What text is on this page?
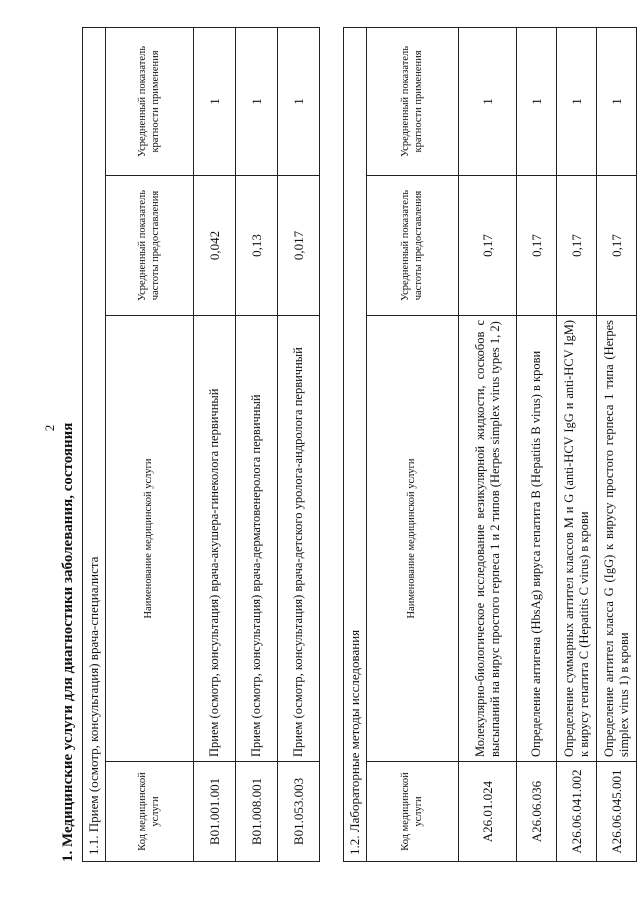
2 1. Медицинские услуги для диагностики заболевания, состояния 1.1. Прием (осмотр, консультация) врача-специалиста			
Код медицинской услуги	Наименование медицинской услуги	Усредненный показатель частоты предоставления	Усредненный показатель кратности применения
B01.001.001	Прием (осмотр, консультация) врача-акушера-гинеколога первичный	0,042	1
B01.008.001	Прием (осмотр, консультация) врача-дерматовенеролога первичный	0,13	1
B01.053.003	Прием (осмотр, консультация) врача-детского уролога-андролога первичный	0,017	1
1.2. Лабораторные методы исследования			
Код медицинской услуги	Наименование медицинской услуги	Усредненный показатель частоты предоставления	Усредненный показатель кратности применения
A26.01.024	Молекулярно-биологическое исследование везикулярной жидкости, соскобов с высыпаний на вирус простого герпеса 1 и 2 типов (Herpes simplex virus types 1, 2)	0,17	1
A26.06.036	Определение антигена (HbsAg) вируса гепатита B (Hepatitis B virus) в крови	0,17	1
A26.06.041.002	Определение суммарных антител классов M и G (anti-HCV IgG и anti-HCV IgM) к вирусу гепатита C (Hepatitis C virus) в крови	0,17	1
A26.06.045.001	Определение антител класса G (IgG) к вирусу простого герпеса 1 типа (Herpes simplex virus 1) в крови	0,17	1
